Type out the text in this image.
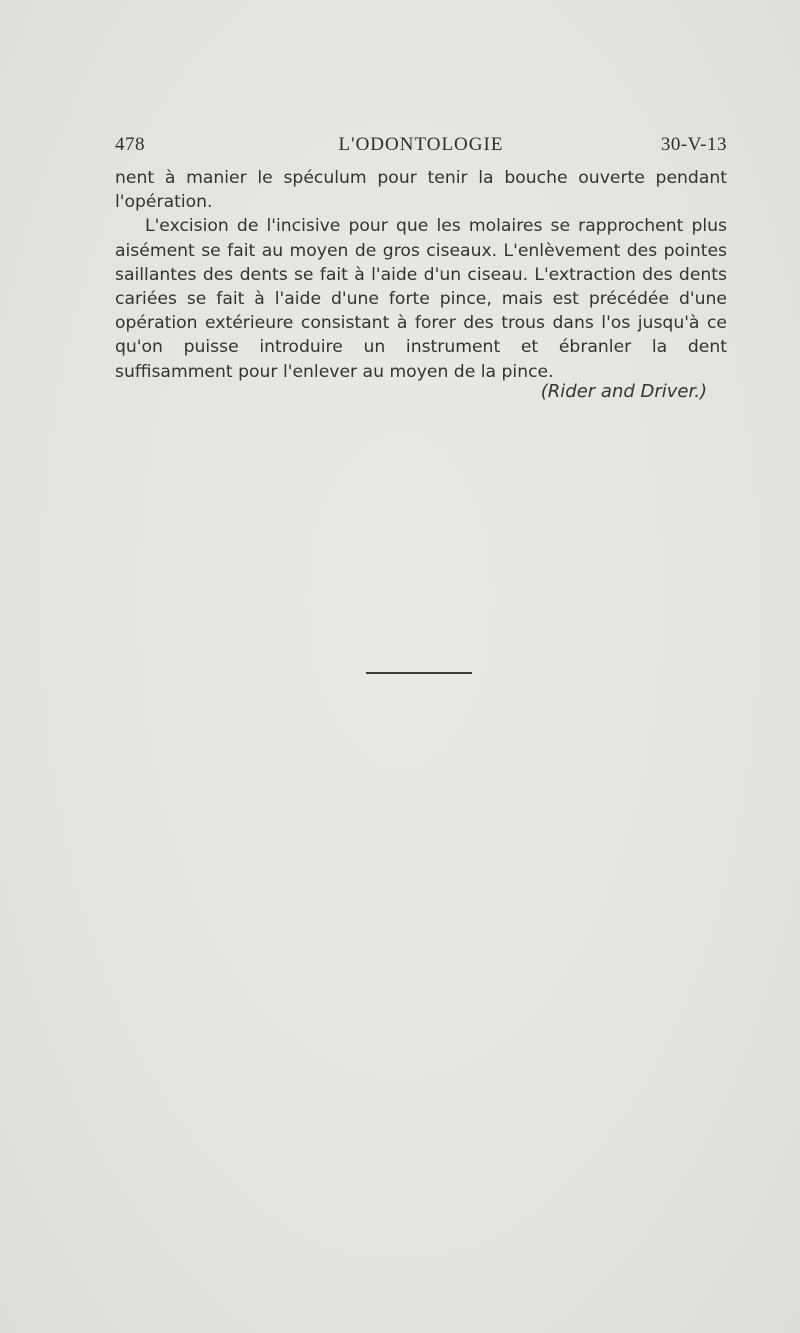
478	L'ODONTOLOGIE	30-V-13

nent à manier le spéculum pour tenir la bouche ouverte pendant l'opération.

L'excision de l'incisive pour que les molaires se rapprochent plus aisément se fait au moyen de gros ciseaux. L'enlèvement des pointes saillantes des dents se fait à l'aide d'un ciseau. L'extraction des dents cariées se fait à l'aide d'une forte pince, mais est précédée d'une opération extérieure consistant à forer des trous dans l'os jusqu'à ce qu'on puisse introduire un instrument et ébranler la dent suffisamment pour l'enlever au moyen de la pince.

(Rider and Driver.)
